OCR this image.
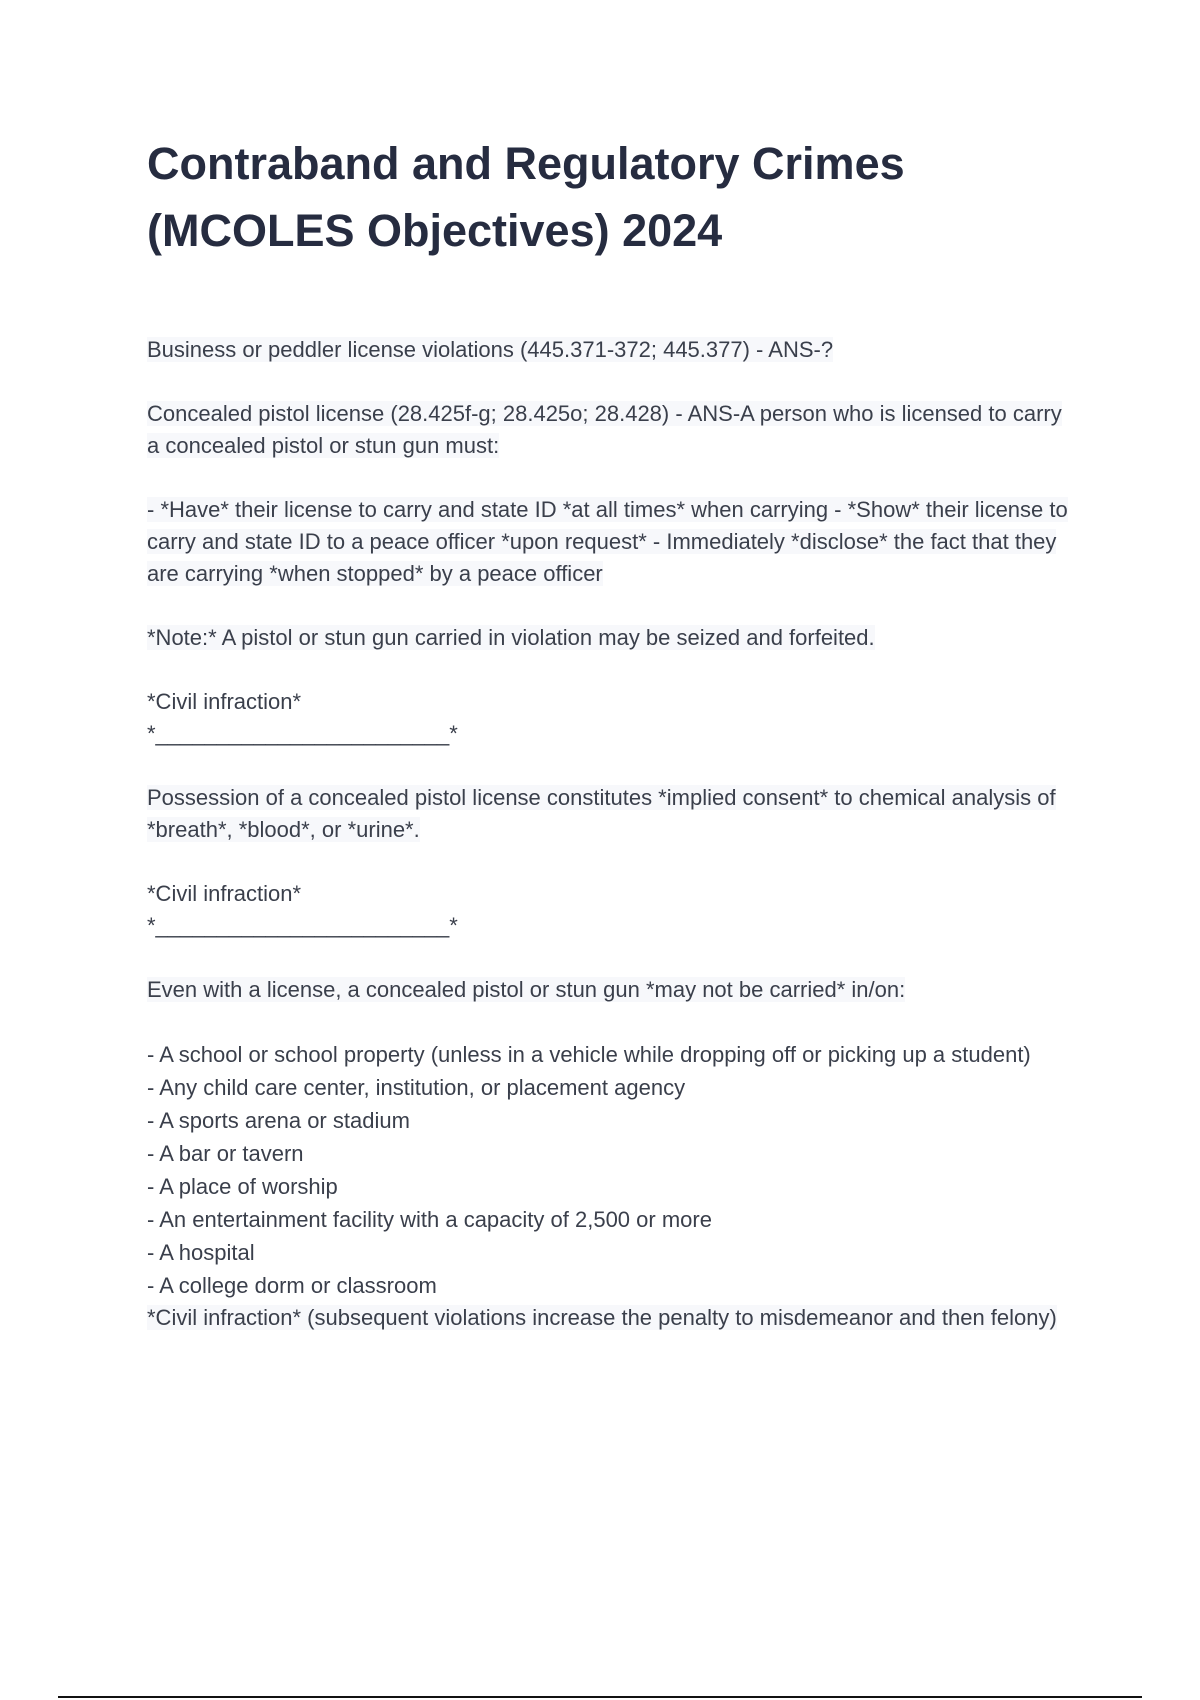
Contraband and Regulatory Crimes
(MCOLES Objectives) 2024

Business or peddler license violations (445.371-372; 445.377) - ANS-?

Concealed pistol license (28.425f-g; 28.425o; 28.428) - ANS-A person who is licensed to carry a concealed pistol or stun gun must:

- *Have* their license to carry and state ID *at all times* when carrying - *Show* their license to carry and state ID to a peace officer *upon request* - Immediately *disclose* the fact that they are carrying *when stopped* by a peace officer

*Note:* A pistol or stun gun carried in violation may be seized and forfeited.

*Civil infraction*
*________________________*

Possession of a concealed pistol license constitutes *implied consent* to chemical analysis of *breath*, *blood*, or *urine*.

*Civil infraction*
*________________________*

Even with a license, a concealed pistol or stun gun *may not be carried* in/on:

- A school or school property (unless in a vehicle while dropping off or picking up a student)
- Any child care center, institution, or placement agency
- A sports arena or stadium
- A bar or tavern
- A place of worship
- An entertainment facility with a capacity of 2,500 or more
- A hospital
- A college dorm or classroom

*Civil infraction* (subsequent violations increase the penalty to misdemeanor and then felony)
